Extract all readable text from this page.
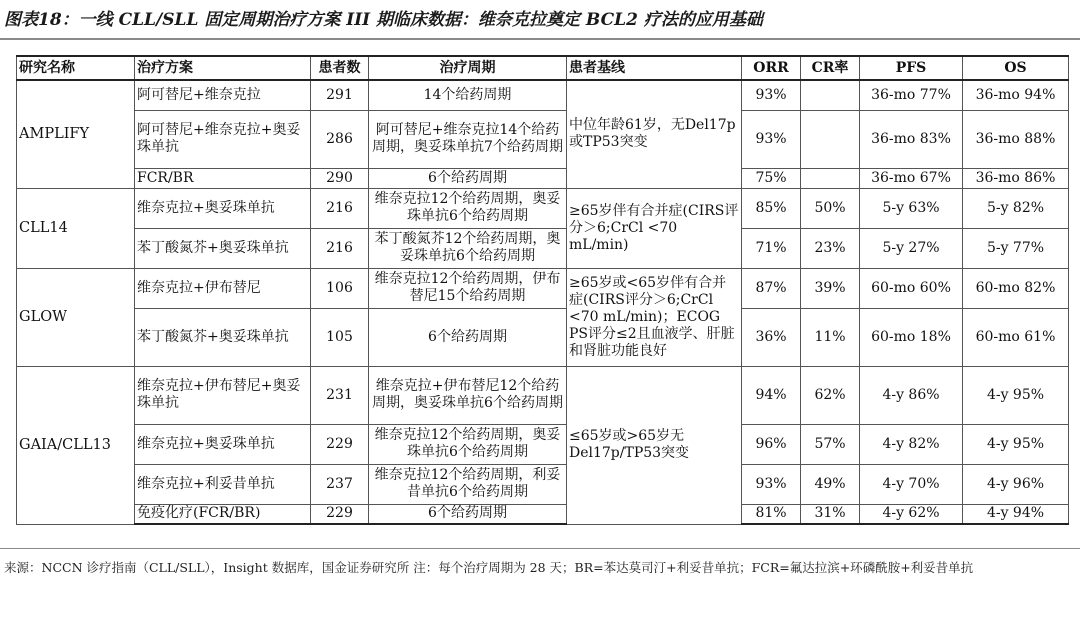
图表18：一线 CLL/SLL 固定周期治疗方案 III 期临床数据：维奈克拉奠定 BCL2 疗法的应用基础
研究名称	治疗方案	患者数	治疗周期	患者基线	ORR	CR率	PFS	OS
AMPLIFY	阿可替尼+维奈克拉	291	14个给药周期	中位年龄61岁，无Del17p或TP53突变	93%		36-mo 77%	36-mo 94%
	阿可替尼+维奈克拉+奥妥珠单抗	286	阿可替尼+维奈克拉14个给药周期，奥妥珠单抗7个给药周期		93%		36-mo 83%	36-mo 88%
	FCR/BR	290	6个给药周期		75%		36-mo 67%	36-mo 86%
CLL14	维奈克拉+奥妥珠单抗	216	维奈克拉12个给药周期，奥妥珠单抗6个给药周期	≥65岁伴有合并症(CIRS评分＞6;CrCl <70 mL/min)	85%	50%	5-y 63%	5-y 82%
	苯丁酸氮芥+奥妥珠单抗	216	苯丁酸氮芥12个给药周期，奥妥珠单抗6个给药周期		71%	23%	5-y 27%	5-y 77%
GLOW	维奈克拉+伊布替尼	106	维奈克拉12个给药周期，伊布替尼15个给药周期	≥65岁或<65岁伴有合并症(CIRS评分＞6;CrCl <70 mL/min)；ECOG PS评分≤2且血液学、肝脏和肾脏功能良好	87%	39%	60-mo 60%	60-mo 82%
	苯丁酸氮芥+奥妥珠单抗	105	6个给药周期		36%	11%	60-mo 18%	60-mo 61%
GAIA/CLL13	维奈克拉+伊布替尼+奥妥珠单抗	231	维奈克拉+伊布替尼12个给药周期，奥妥珠单抗6个给药周期	≤65岁或>65岁无Del17p/TP53突变	94%	62%	4-y 86%	4-y 95%
	维奈克拉+奥妥珠单抗	229	维奈克拉12个给药周期，奥妥珠单抗6个给药周期		96%	57%	4-y 82%	4-y 95%
	维奈克拉+利妥昔单抗	237	维奈克拉12个给药周期，利妥昔单抗6个给药周期		93%	49%	4-y 70%	4-y 96%
	免疫化疗(FCR/BR)	229	6个给药周期		81%	31%	4-y 62%	4-y 94%
来源：NCCN 诊疗指南（CLL/SLL），Insight 数据库，国金证券研究所 注：每个治疗周期为 28 天；BR=苯达莫司汀+利妥昔单抗；FCR=氟达拉滨+环磷酰胺+利妥昔单抗
